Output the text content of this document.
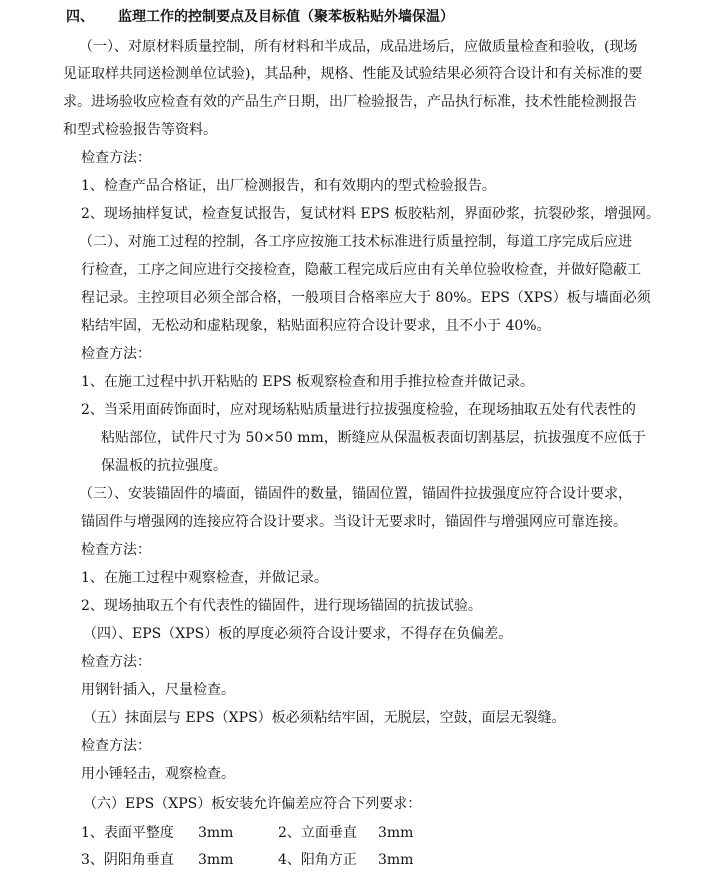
四、 监理工作的控制要点及目标值（聚苯板粘贴外墙保温）
（一）、对原材料质量控制，所有材料和半成品，成品进场后，应做质量检查和验收，(现场
见证取样共同送检测单位试验)，其品种，规格、性能及试验结果必须符合设计和有关标准的要
求。进场验收应检查有效的产品生产日期，出厂检验报告，产品执行标准，技术性能检测报告
和型式检验报告等资料。
检查方法：
1、检查产品合格证，出厂检测报告，和有效期内的型式检验报告。
2、现场抽样复试，检查复试报告，复试材料 EPS 板胶粘剂，界面砂浆，抗裂砂浆，增强网。
（二）、对施工过程的控制，各工序应按施工技术标准进行质量控制，每道工序完成后应进
行检查，工序之间应进行交接检查，隐蔽工程完成后应由有关单位验收检查，并做好隐蔽工
程记录。主控项目必须全部合格，一般项目合格率应大于 80%。EPS（XPS）板与墙面必须
粘结牢固，无松动和虚粘现象，粘贴面积应符合设计要求，且不小于 40%。
检查方法：
1、在施工过程中扒开粘贴的 EPS 板观察检查和用手推拉检查并做记录。
2、当采用面砖饰面时，应对现场粘贴质量进行拉拔强度检验，在现场抽取五处有代表性的
粘贴部位，试件尺寸为 50×50 mm，断缝应从保温板表面切割基层，抗拔强度不应低于
保温板的抗拉强度。
（三）、安装锚固件的墙面，锚固件的数量，锚固位置，锚固件拉拔强度应符合设计要求，
锚固件与增强网的连接应符合设计要求。当设计无要求时，锚固件与增强网应可靠连接。
检查方法：
1、在施工过程中观察检查，并做记录。
2、现场抽取五个有代表性的锚固件，进行现场锚固的抗拔试验。
（四）、EPS（XPS）板的厚度必须符合设计要求，不得存在负偏差。
检查方法：
用钢针插入，尺量检查。
（五）抹面层与 EPS（XPS）板必须粘结牢固，无脱层，空鼓，面层无裂缝。
检查方法：
用小锤轻击，观察检查。
（六）EPS（XPS）板安装允许偏差应符合下列要求：
1、表面平整度 3mm	2、立面垂直 3mm
3、阴阳角垂直 3mm	4、阳角方正 3mm
